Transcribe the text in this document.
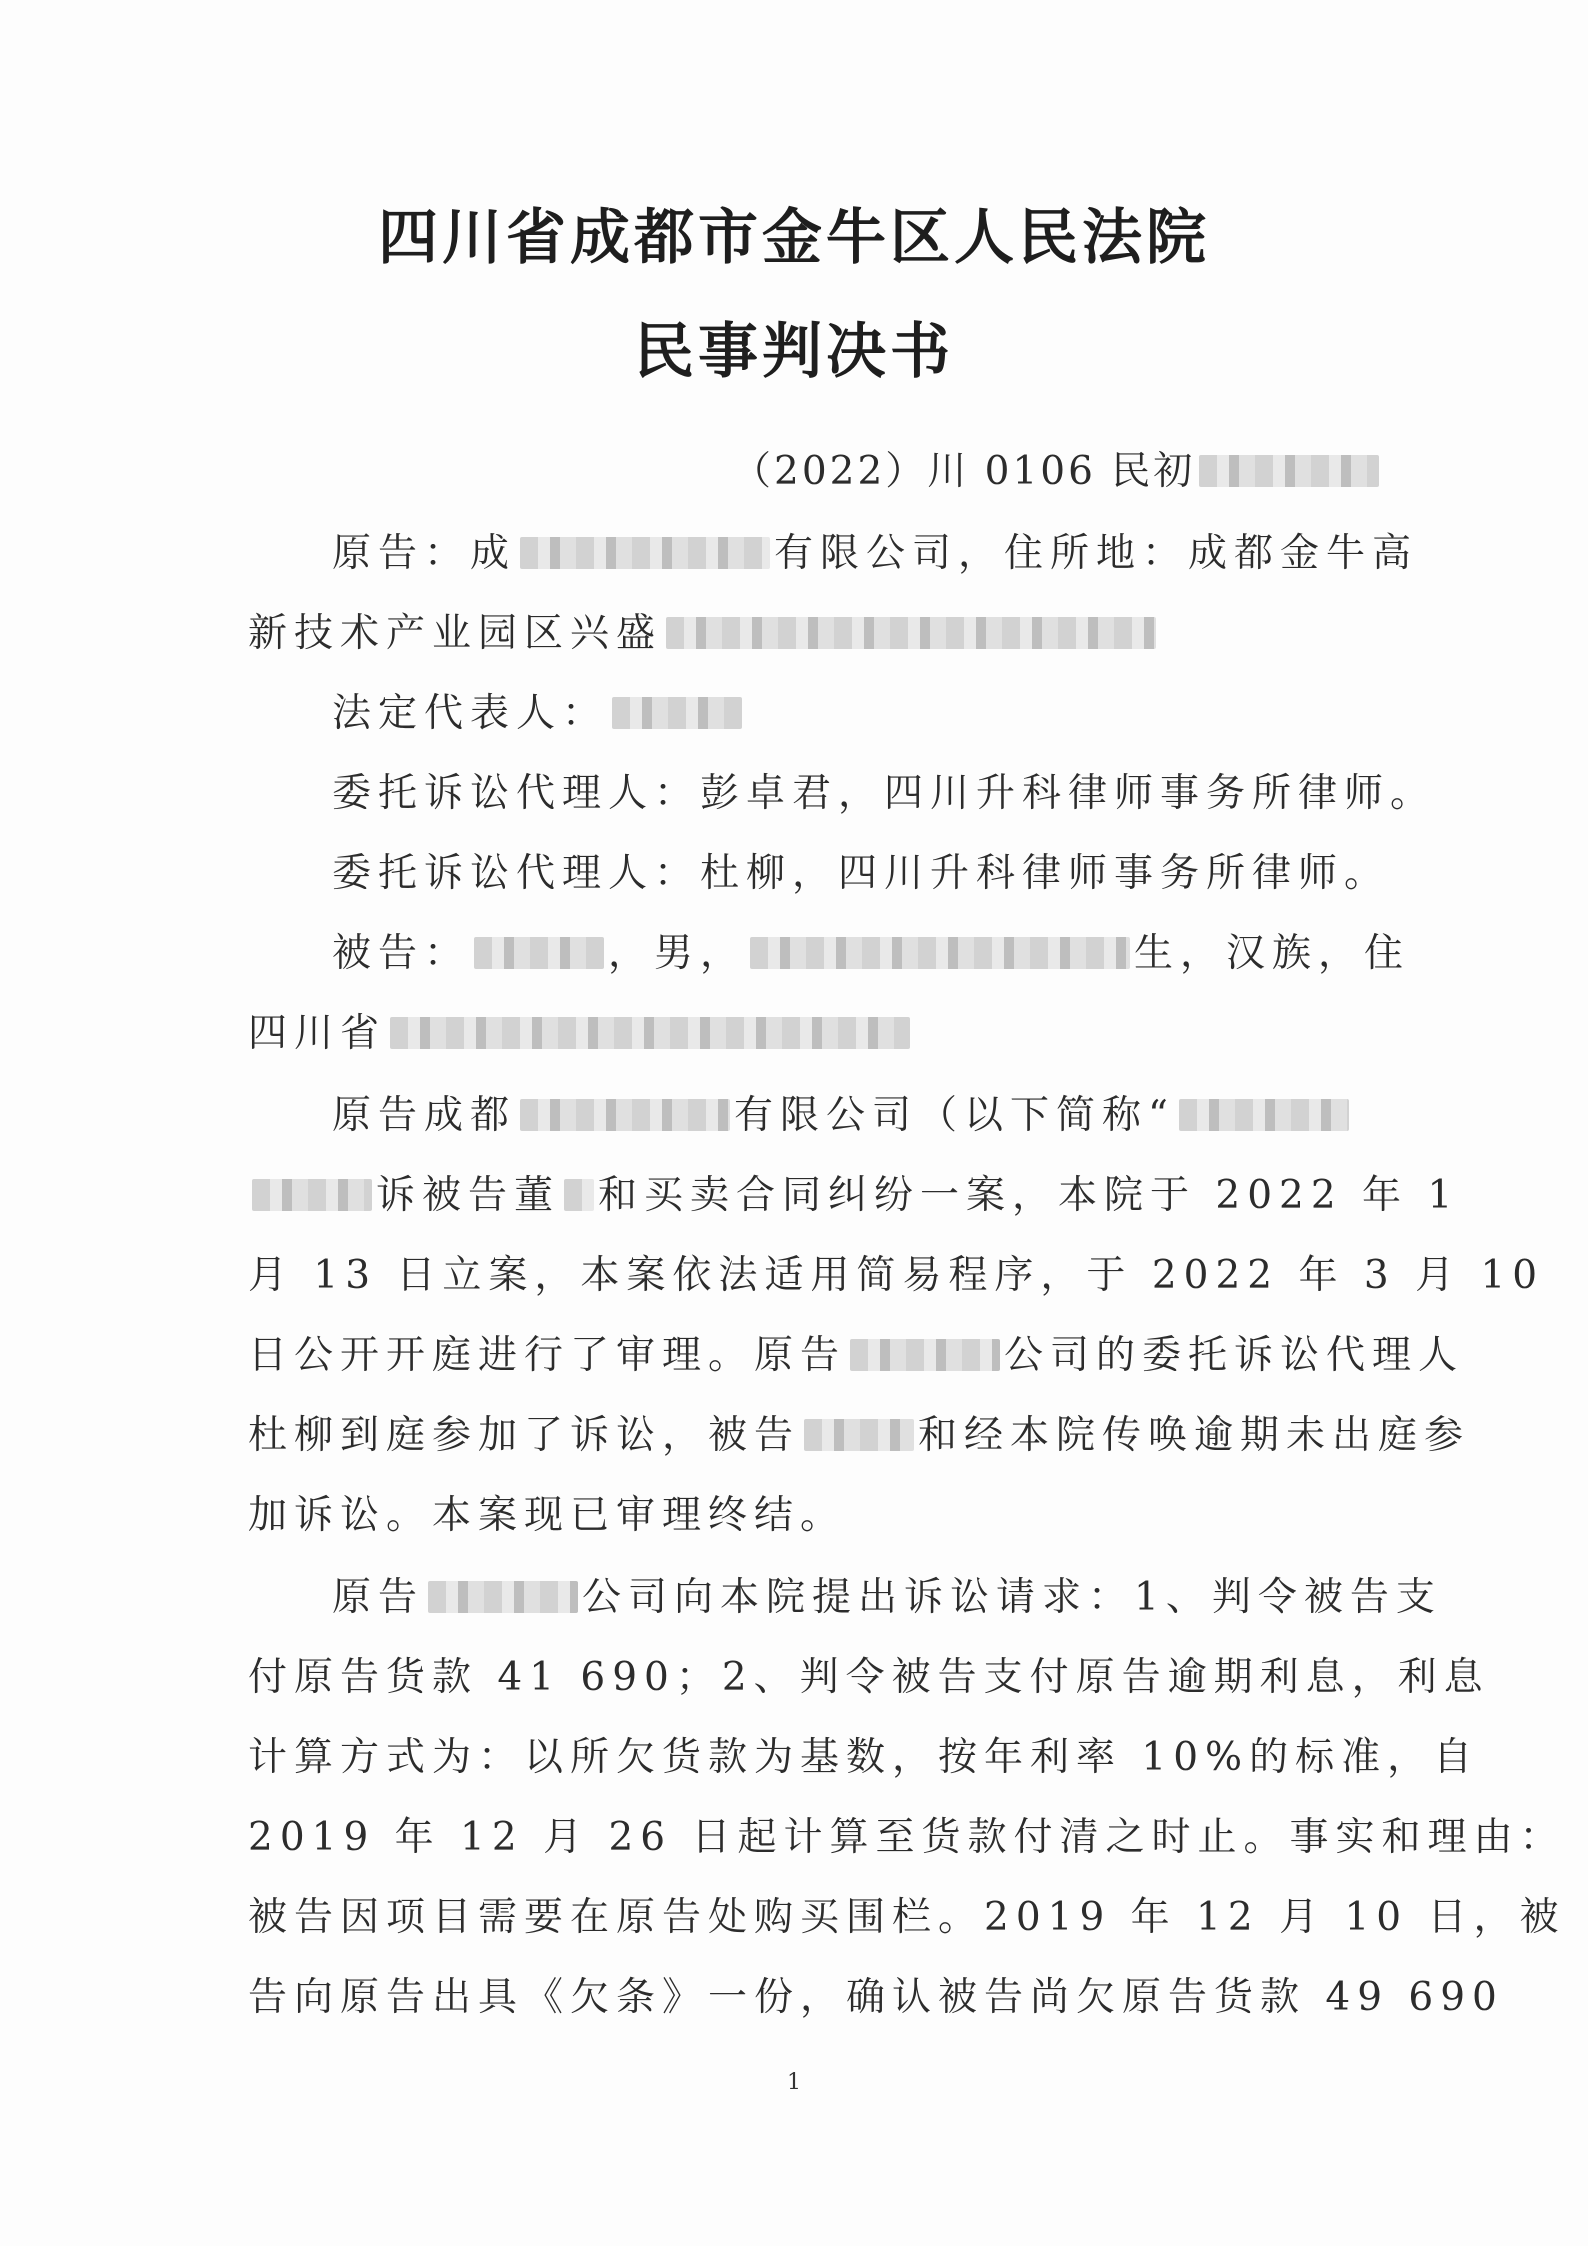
四川省成都市金牛区人民法院
民事判决书
（2022）川 0106 民初
原告：成	有限公司，住所地：成都金牛高
新技术产业园区兴盛
法定代表人：
委托诉讼代理人：彭卓君，四川升科律师事务所律师。
委托诉讼代理人：杜柳，四川升科律师事务所律师。
被告：	，男，	生，汉族，住
四川省
原告成都	有限公司（以下简称“
诉被告董 和买卖合同纠纷一案，本院于 2022 年 1
月 13 日立案，本案依法适用简易程序，于 2022 年 3 月 10
日公开开庭进行了审理。原告	公司的委托诉讼代理人
杜柳到庭参加了诉讼，被告	和经本院传唤逾期未出庭参
加诉讼。本案现已审理终结。
原告	公司向本院提出诉讼请求：1、判令被告支
付原告货款 41 690；2、判令被告支付原告逾期利息，利息
计算方式为：以所欠货款为基数，按年利率 10%的标准，自
2019 年 12 月 26 日起计算至货款付清之时止。事实和理由：
被告因项目需要在原告处购买围栏。2019 年 12 月 10 日，被
告向原告出具《欠条》一份，确认被告尚欠原告货款 49 690
1
